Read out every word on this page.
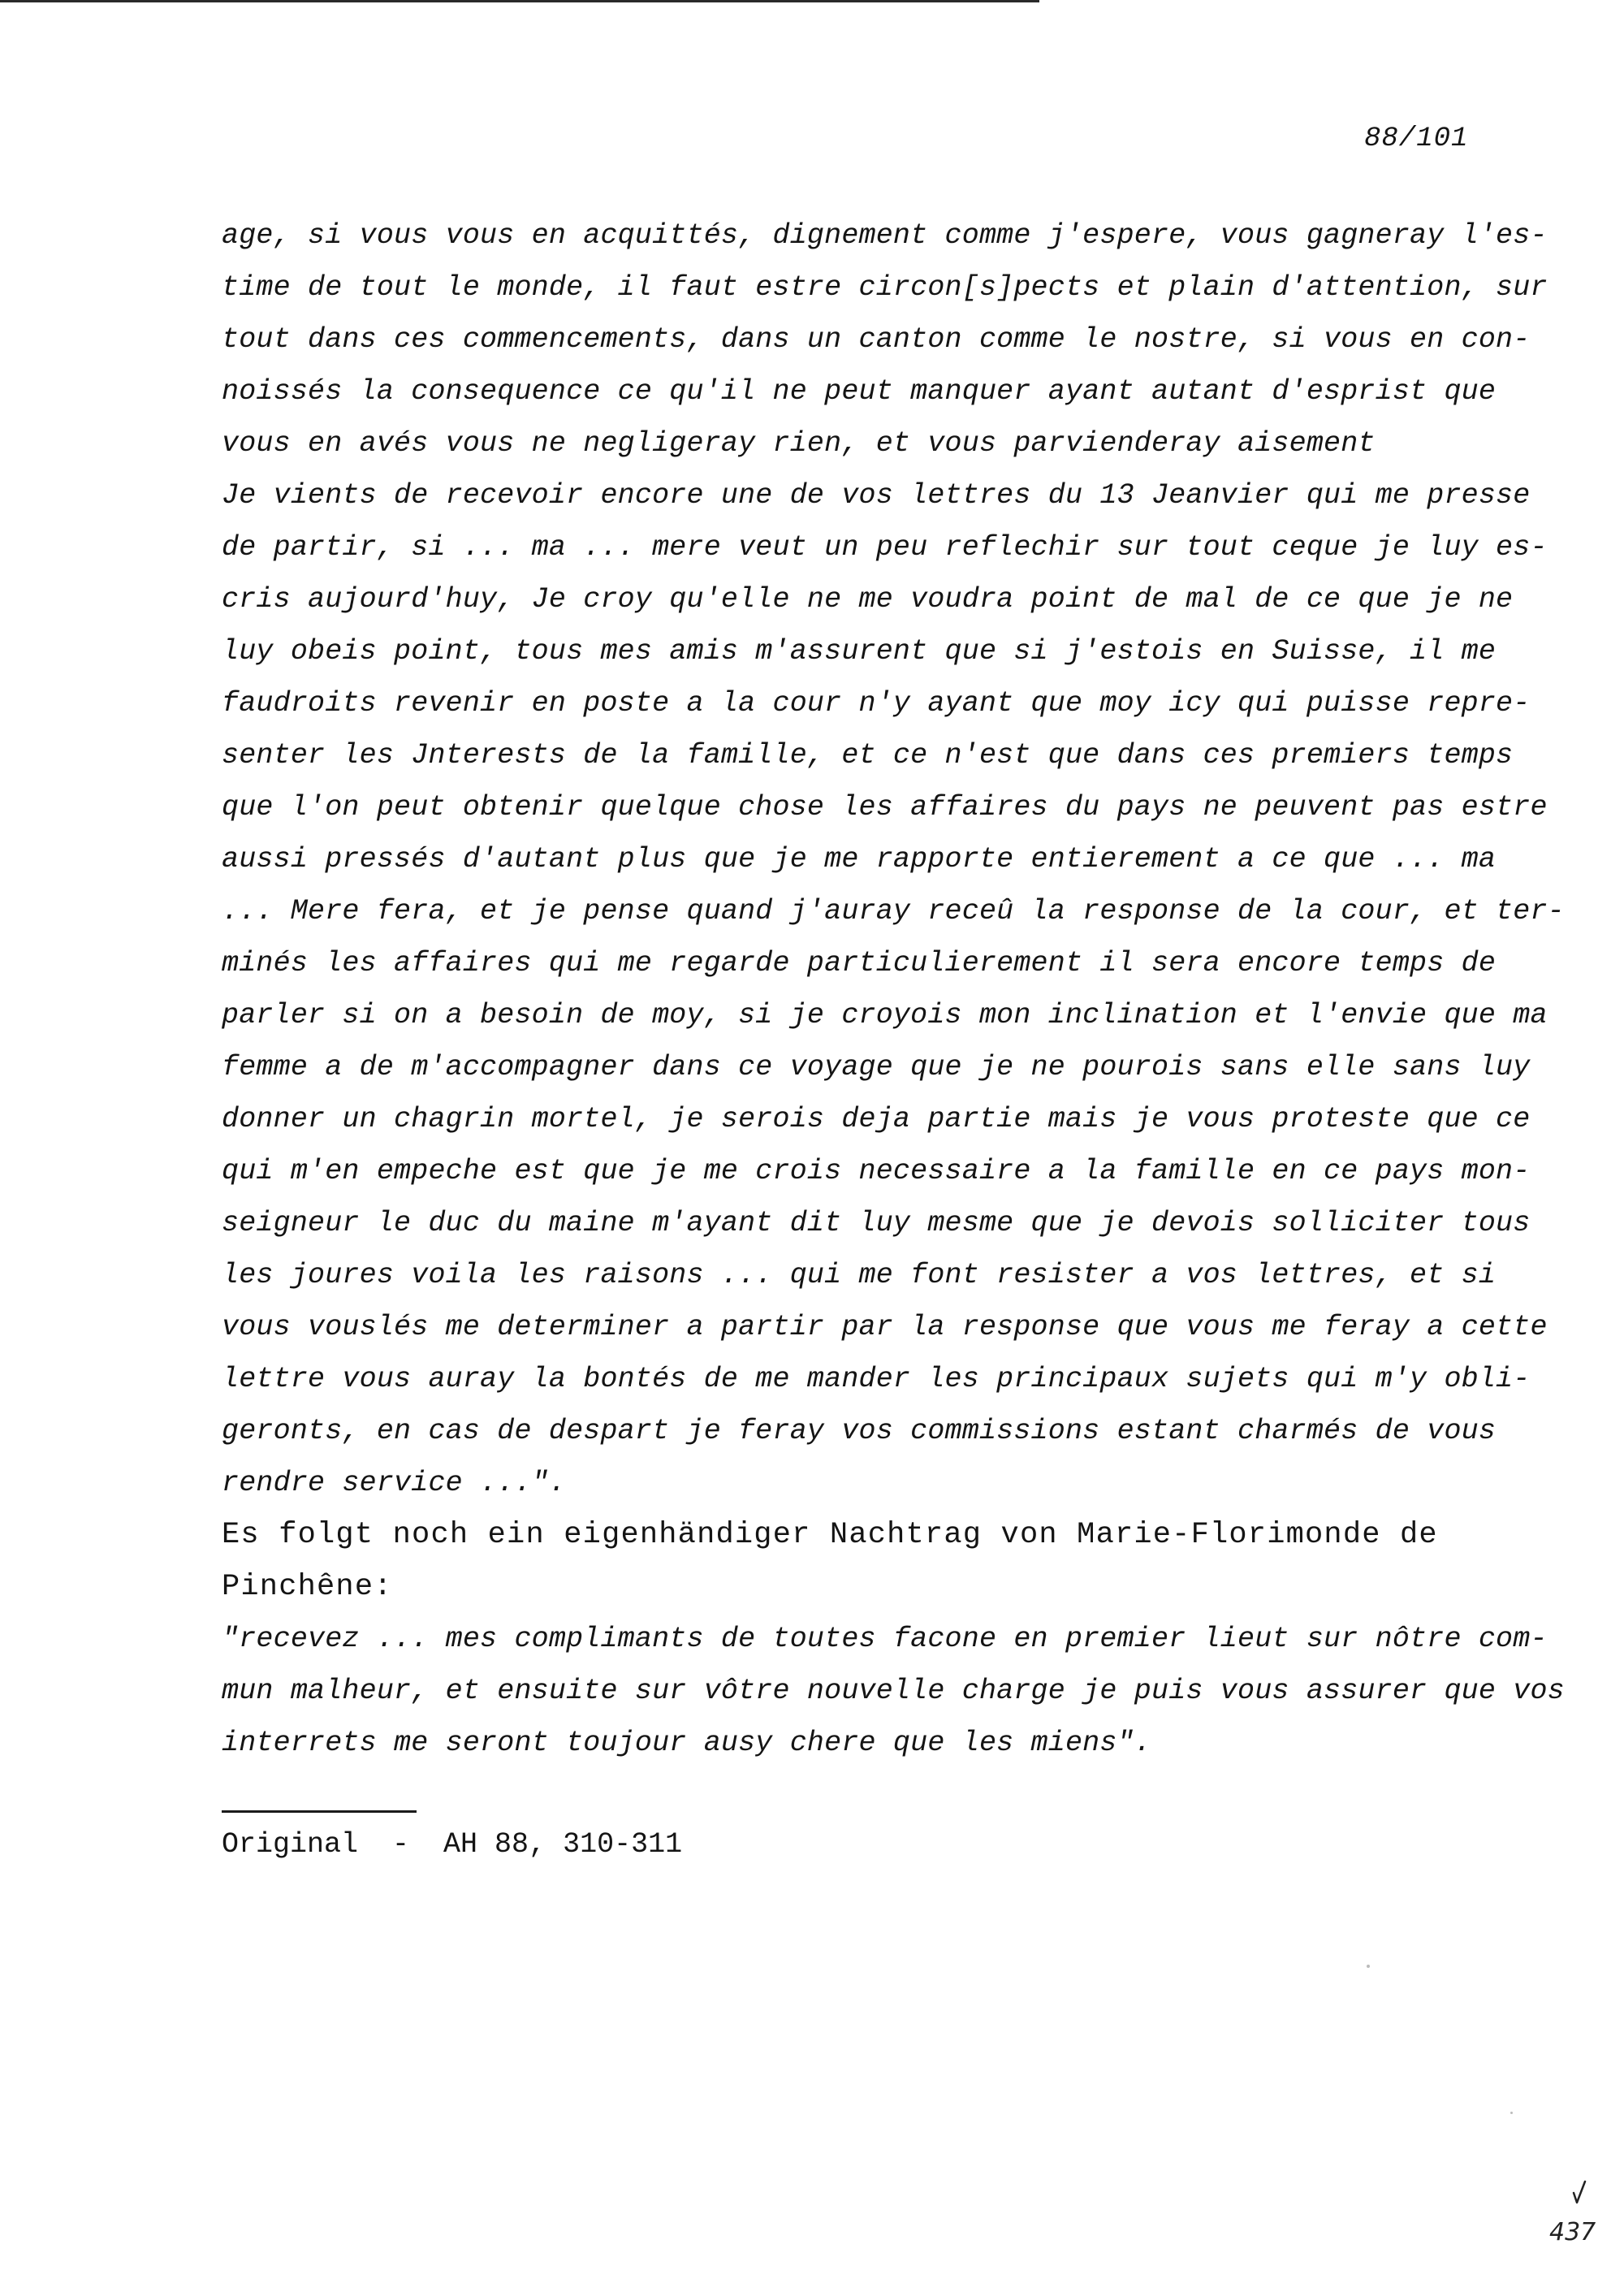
88/101
age, si vous vous en acquittés, dignement comme j'espere, vous gagneray l'es-
time de tout le monde, il faut estre circon[s]pects et plain d'attention, sur
tout dans ces commencements, dans un canton comme le nostre, si vous en con-
noissés la consequence ce qu'il ne peut manquer ayant autant d'esprist que
vous en avés vous ne negligeray rien, et vous parvienderay aisement
Je vients de recevoir encore une de vos lettres du 13 Jeanvier qui me presse
de partir, si ... ma ... mere veut un peu reflechir sur tout ceque je luy es-
cris aujourd'huy, Je croy qu'elle ne me voudra point de mal de ce que je ne
luy obeis point, tous mes amis m'assurent que si j'estois en Suisse, il me
faudroits revenir en poste a la cour n'y ayant que moy icy qui puisse repre-
senter les Jnterests de la famille, et ce n'est que dans ces premiers temps
que l'on peut obtenir quelque chose les affaires du pays ne peuvent pas estre
aussi pressés d'autant plus que je me rapporte entierement a ce que ... ma
... Mere fera, et je pense quand j'auray receû la response de la cour, et ter-
minés les affaires qui me regarde particulierement il sera encore temps de
parler si on a besoin de moy, si je croyois mon inclination et l'envie que ma
femme a de m'accompagner dans ce voyage que je ne pourois sans elle sans luy
donner un chagrin mortel, je serois deja partie mais je vous proteste que ce
qui m'en empeche est que je me crois necessaire a la famille en ce pays mon-
seigneur le duc du maine m'ayant dit luy mesme que je devois solliciter tous
les joures voila les raisons ... qui me font resister a vos lettres, et si
vous vouslés me determiner a partir par la response que vous me feray a cette
lettre vous auray la bontés de me mander les principaux sujets qui m'y obli-
geronts, en cas de despart je feray vos commissions estant charmés de vous
rendre service ...".
Es folgt noch ein eigenhändiger Nachtrag von Marie-Florimonde de
Pinchêne:
"recevez ... mes complimants de toutes facone en premier lieut sur nôtre com-
mun malheur, et ensuite sur vôtre nouvelle charge je puis vous assurer que vos
interrets me seront toujour ausy chere que les miens".
Original  -  AH 88, 310-311
437
